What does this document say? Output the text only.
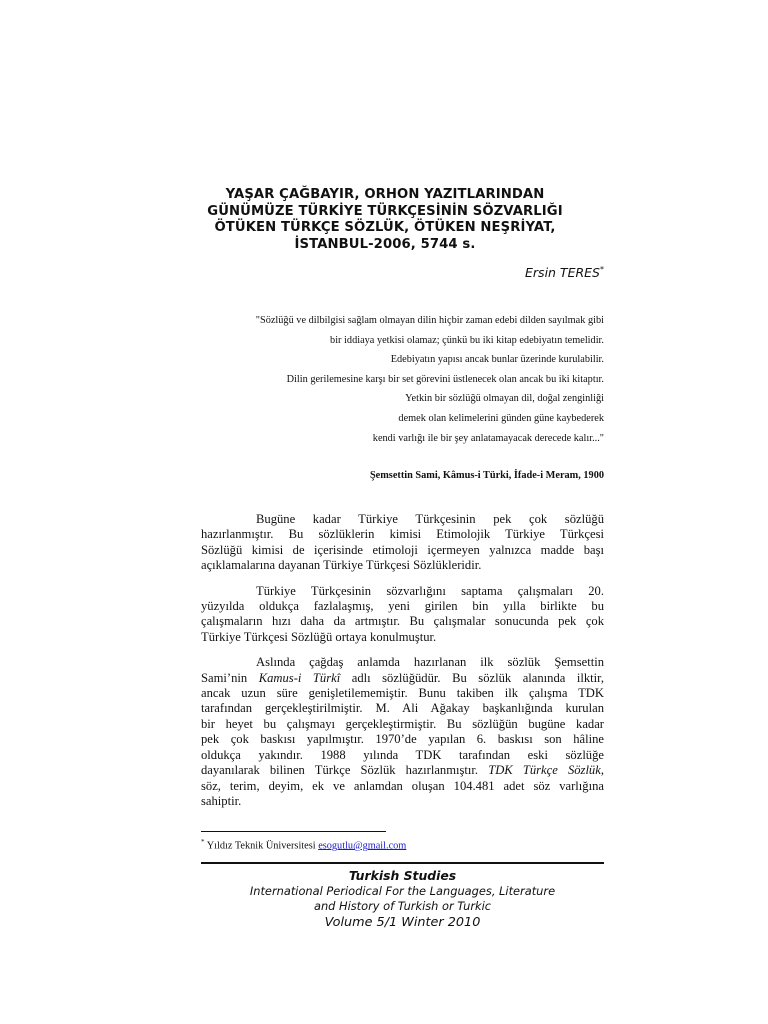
YAŞAR ÇAĞBAYIR, ORHON YAZITLARINDAN
GÜNÜMÜZE TÜRKİYE TÜRKÇESİNİN SÖZVARLIĞI
ÖTÜKEN TÜRKÇE SÖZLÜK, ÖTÜKEN NEŞRİYAT,
İSTANBUL-2006, 5744 s.
Ersin TERES*
"Sözlüğü ve dilbilgisi sağlam olmayan dilin hiçbir zaman edebi dilden sayılmak gibi
bir iddiaya yetkisi olamaz; çünkü bu iki kitap edebiyatın temelidir.
Edebiyatın yapısı ancak bunlar üzerinde kurulabilir.
Dilin gerilemesine karşı bir set görevini üstlenecek olan ancak bu iki kitaptır.
Yetkin bir sözlüğü olmayan dil, doğal zenginliği
demek olan kelimelerini günden güne kaybederek
kendi varlığı ile bir şey anlatamayacak derecede kalır..."
Şemsettin Sami, Kâmus-i Türki, İfade-i Meram, 1900
Bugüne kadar Türkiye Türkçesinin pek çok sözlüğü
hazırlanmıştır. Bu sözlüklerin kimisi Etimolojik Türkiye Türkçesi
Sözlüğü kimisi de içerisinde etimoloji içermeyen yalnızca madde başı
açıklamalarına dayanan Türkiye Türkçesi Sözlükleridir.
Türkiye Türkçesinin sözvarlığını saptama çalışmaları 20.
yüzyılda oldukça fazlalaşmış, yeni girilen bin yılla birlikte bu
çalışmaların hızı daha da artmıştır. Bu çalışmalar sonucunda pek çok
Türkiye Türkçesi Sözlüğü ortaya konulmuştur.
Aslında çağdaş anlamda hazırlanan ilk sözlük Şemsettin
Sami’nin Kamus-i Türkî adlı sözlüğüdür. Bu sözlük alanında ilktir,
ancak uzun süre genişletilememiştir. Bunu takiben ilk çalışma TDK
tarafından gerçekleştirilmiştir. M. Ali Ağakay başkanlığında kurulan
bir heyet bu çalışmayı gerçekleştirmiştir. Bu sözlüğün bugüne kadar
pek çok baskısı yapılmıştır. 1970’de yapılan 6. baskısı son hâline
oldukça yakındır. 1988 yılında TDK tarafından eski sözlüğe
dayanılarak bilinen Türkçe Sözlük hazırlanmıştır. TDK Türkçe Sözlük,
söz, terim, deyim, ek ve anlamdan oluşan 104.481 adet söz varlığına
sahiptir.
* Yıldız Teknik Üniversitesi esogutlu@gmail.com
Turkish Studies
International Periodical For the Languages, Literature
and History of Turkish or Turkic
Volume 5/1 Winter 2010
